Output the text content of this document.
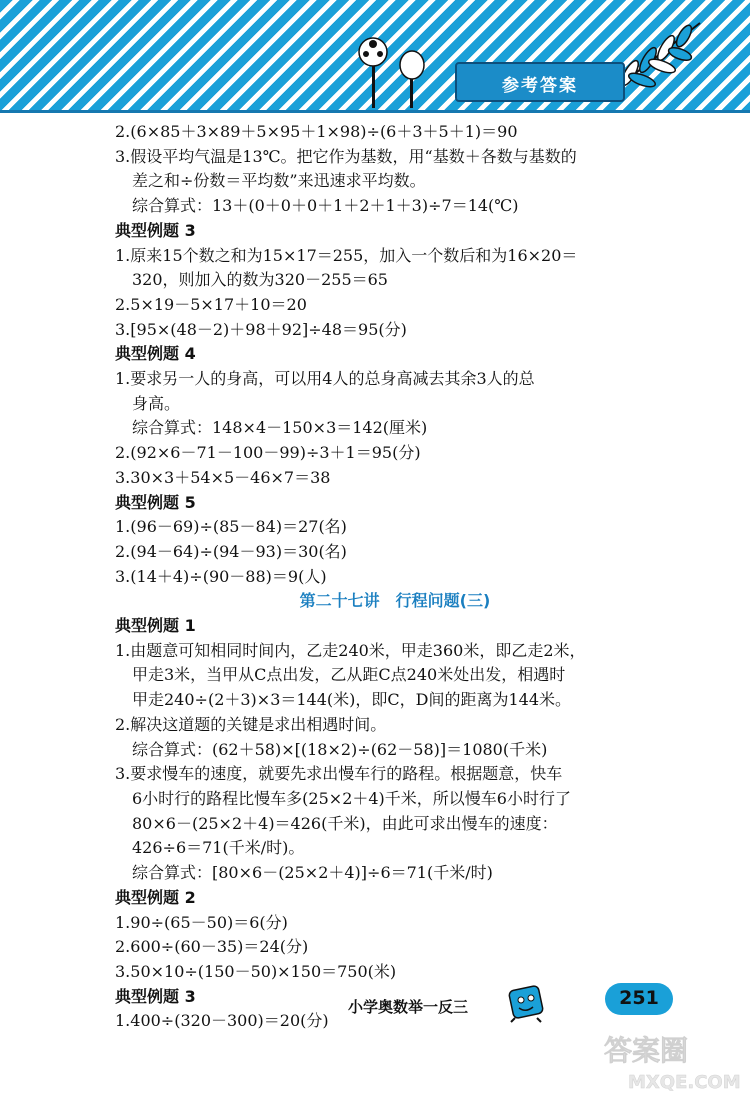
参考答案
2.(6×85＋3×89＋5×95＋1×98)÷(6＋3＋5＋1)＝90
3.假设平均气温是13℃。把它作为基数，用“基数＋各数与基数的
差之和÷份数＝平均数”来迅速求平均数。
综合算式：13＋(0＋0＋0＋1＋2＋1＋3)÷7＝14(℃)
典型例题 3
1.原来15个数之和为15×17＝255，加入一个数后和为16×20＝
320，则加入的数为320－255＝65
2.5×19－5×17＋10＝20
3.[95×(48－2)＋98＋92]÷48＝95(分)
典型例题 4
1.要求另一人的身高，可以用4人的总身高减去其余3人的总
身高。
综合算式：148×4－150×3＝142(厘米)
2.(92×6－71－100－99)÷3＋1＝95(分)
3.30×3＋54×5－46×7＝38
典型例题 5
1.(96－69)÷(85－84)＝27(名)
2.(94－64)÷(94－93)＝30(名)
3.(14＋4)÷(90－88)＝9(人)
第二十七讲　行程问题(三)
典型例题 1
1.由题意可知相同时间内，乙走240米，甲走360米，即乙走2米，
甲走3米，当甲从C点出发，乙从距C点240米处出发，相遇时
甲走240÷(2＋3)×3＝144(米)，即C，D间的距离为144米。
2.解决这道题的关键是求出相遇时间。
综合算式：(62＋58)×[(18×2)÷(62－58)]＝1080(千米)
3.要求慢车的速度，就要先求出慢车行的路程。根据题意，快车
6小时行的路程比慢车多(25×2＋4)千米，所以慢车6小时行了
80×6－(25×2＋4)＝426(千米)，由此可求出慢车的速度：
426÷6＝71(千米/时)。
综合算式：[80×6－(25×2＋4)]÷6＝71(千米/时)
典型例题 2
1.90÷(65－50)＝6(分)
2.600÷(60－35)＝24(分)
3.50×10÷(150－50)×150＝750(米)
典型例题 3
1.400÷(320－300)＝20(分)
小学奥数举一反三	251
答案圈
MXQE.COM
